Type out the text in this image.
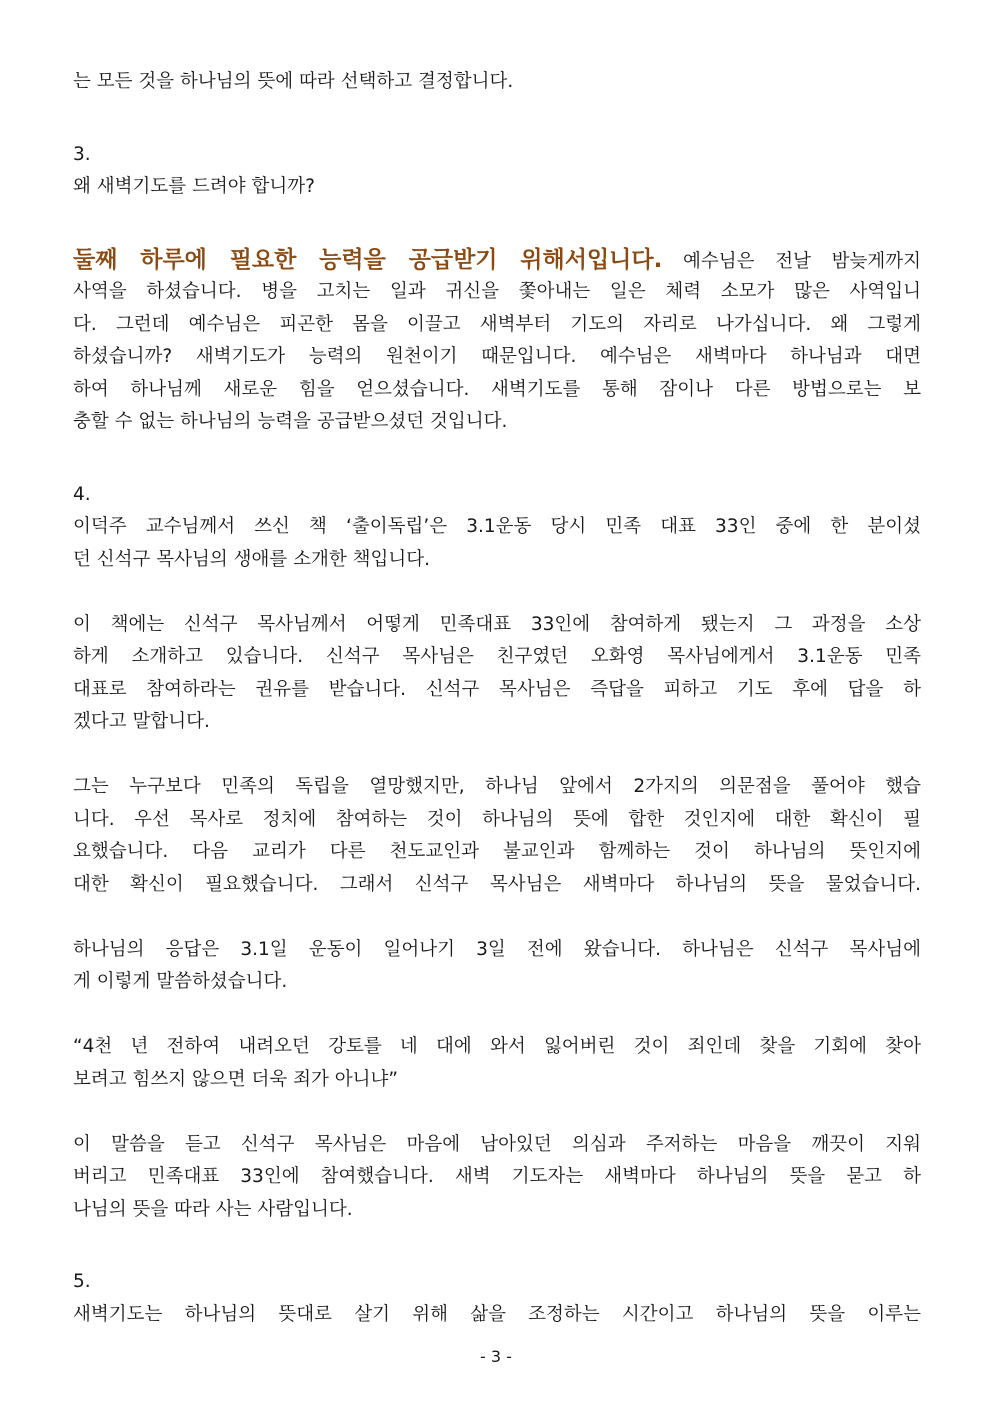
는 모든 것을 하나님의 뜻에 따라 선택하고 결정합니다.
3.
왜 새벽기도를 드려야 합니까?
둘째 하루에 필요한 능력을 공급받기 위해서입니다. 예수님은 전날 밤늦게까지
사역을 하셨습니다. 병을 고치는 일과 귀신을 쫓아내는 일은 체력 소모가 많은 사역입니
다. 그런데 예수님은 피곤한 몸을 이끌고 새벽부터 기도의 자리로 나가십니다. 왜 그렇게
하셨습니까? 새벽기도가 능력의 원천이기 때문입니다. 예수님은 새벽마다 하나님과 대면
하여 하나님께 새로운 힘을 얻으셨습니다. 새벽기도를 통해 잠이나 다른 방법으로는 보
충할 수 없는 하나님의 능력을 공급받으셨던 것입니다.
4.
이덕주 교수님께서 쓰신 책 ‘출이독립’은 3.1운동 당시 민족 대표 33인 중에 한 분이셨
던 신석구 목사님의 생애를 소개한 책입니다.
이 책에는 신석구 목사님께서 어떻게 민족대표 33인에 참여하게 됐는지 그 과정을 소상
하게 소개하고 있습니다. 신석구 목사님은 친구였던 오화영 목사님에게서 3.1운동 민족
대표로 참여하라는 권유를 받습니다. 신석구 목사님은 즉답을 피하고 기도 후에 답을 하
겠다고 말합니다.
그는 누구보다 민족의 독립을 열망했지만, 하나님 앞에서 2가지의 의문점을 풀어야 했습
니다. 우선 목사로 정치에 참여하는 것이 하나님의 뜻에 합한 것인지에 대한 확신이 필
요했습니다. 다음 교리가 다른 천도교인과 불교인과 함께하는 것이 하나님의 뜻인지에
대한 확신이 필요했습니다. 그래서 신석구 목사님은 새벽마다 하나님의 뜻을 물었습니다.
하나님의 응답은 3.1일 운동이 일어나기 3일 전에 왔습니다. 하나님은 신석구 목사님에
게 이렇게 말씀하셨습니다.
“4천 년 전하여 내려오던 강토를 네 대에 와서 잃어버린 것이 죄인데 찾을 기회에 찾아
보려고 힘쓰지 않으면 더욱 죄가 아니냐”
이 말씀을 듣고 신석구 목사님은 마음에 남아있던 의심과 주저하는 마음을 깨끗이 지워
버리고 민족대표 33인에 참여했습니다. 새벽 기도자는 새벽마다 하나님의 뜻을 묻고 하
나님의 뜻을 따라 사는 사람입니다.
5.
새벽기도는 하나님의 뜻대로 살기 위해 삶을 조정하는 시간이고 하나님의 뜻을 이루는
- 3 -
